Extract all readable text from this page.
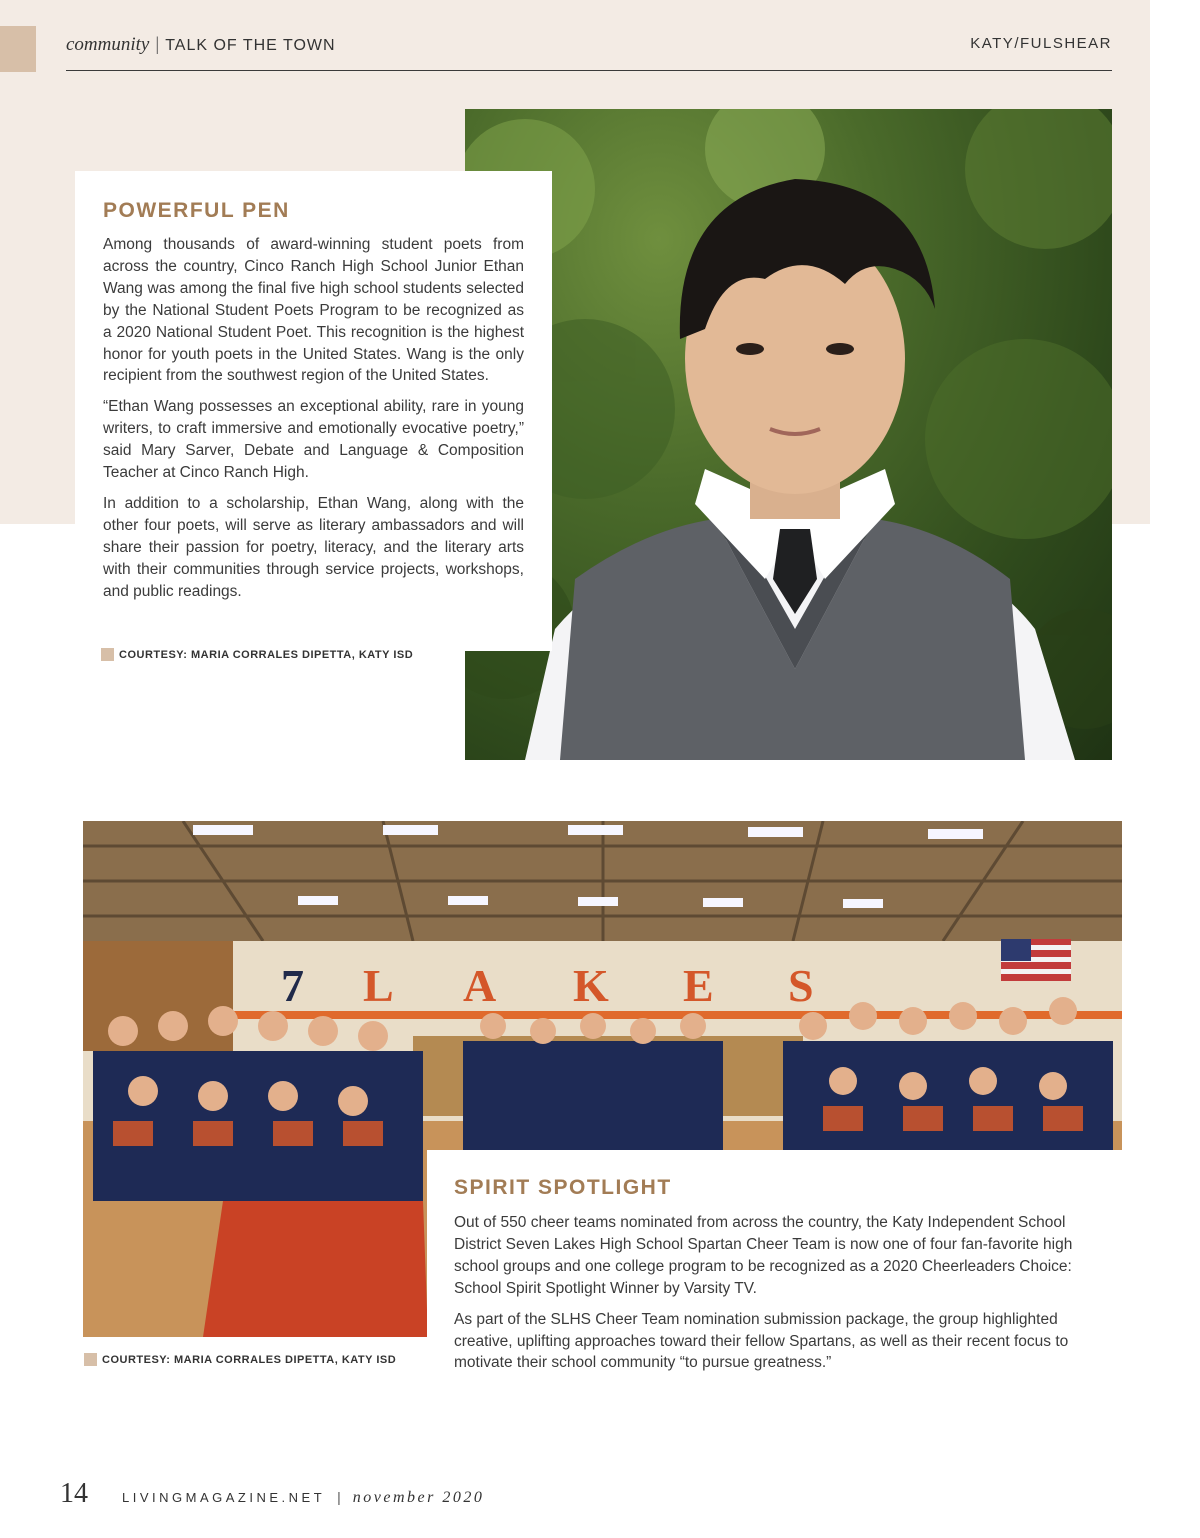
community | TALK OF THE TOWN	KATY/FULSHEAR
POWERFUL PEN

Among thousands of award-winning student poets from across the country, Cinco Ranch High School Junior Ethan Wang was among the final five high school students selected by the National Student Poets Program to be recognized as a 2020 National Student Poet. This recognition is the highest honor for youth poets in the United States. Wang is the only recipient from the southwest region of the United States.

“Ethan Wang possesses an exceptional ability, rare in young writers, to craft immersive and emotionally evocative poetry,” said Mary Sarver, Debate and Language & Composition Teacher at Cinco Ranch High.

In addition to a scholarship, Ethan Wang, along with the other four poets, will serve as literary ambassadors and will share their passion for poetry, literacy, and the literary arts with their communities through service projects, workshops, and public readings.

COURTESY: MARIA CORRALES DIPETTA, KATY ISD
7 L A K E S
SPIRIT SPOTLIGHT

Out of 550 cheer teams nominated from across the country, the Katy Independent School District Seven Lakes High School Spartan Cheer Team is now one of four fan-favorite high school groups and one college program to be recognized as a 2020 Cheerleaders Choice: School Spirit Spotlight Winner by Varsity TV.

As part of the SLHS Cheer Team nomination submission package, the group highlighted creative, uplifting approaches toward their fellow Spartans, as well as their recent focus to motivate their school community “to pursue greatness.”

COURTESY: MARIA CORRALES DIPETTA, KATY ISD
14	LIVINGMAGAZINE.NET | november 2020
